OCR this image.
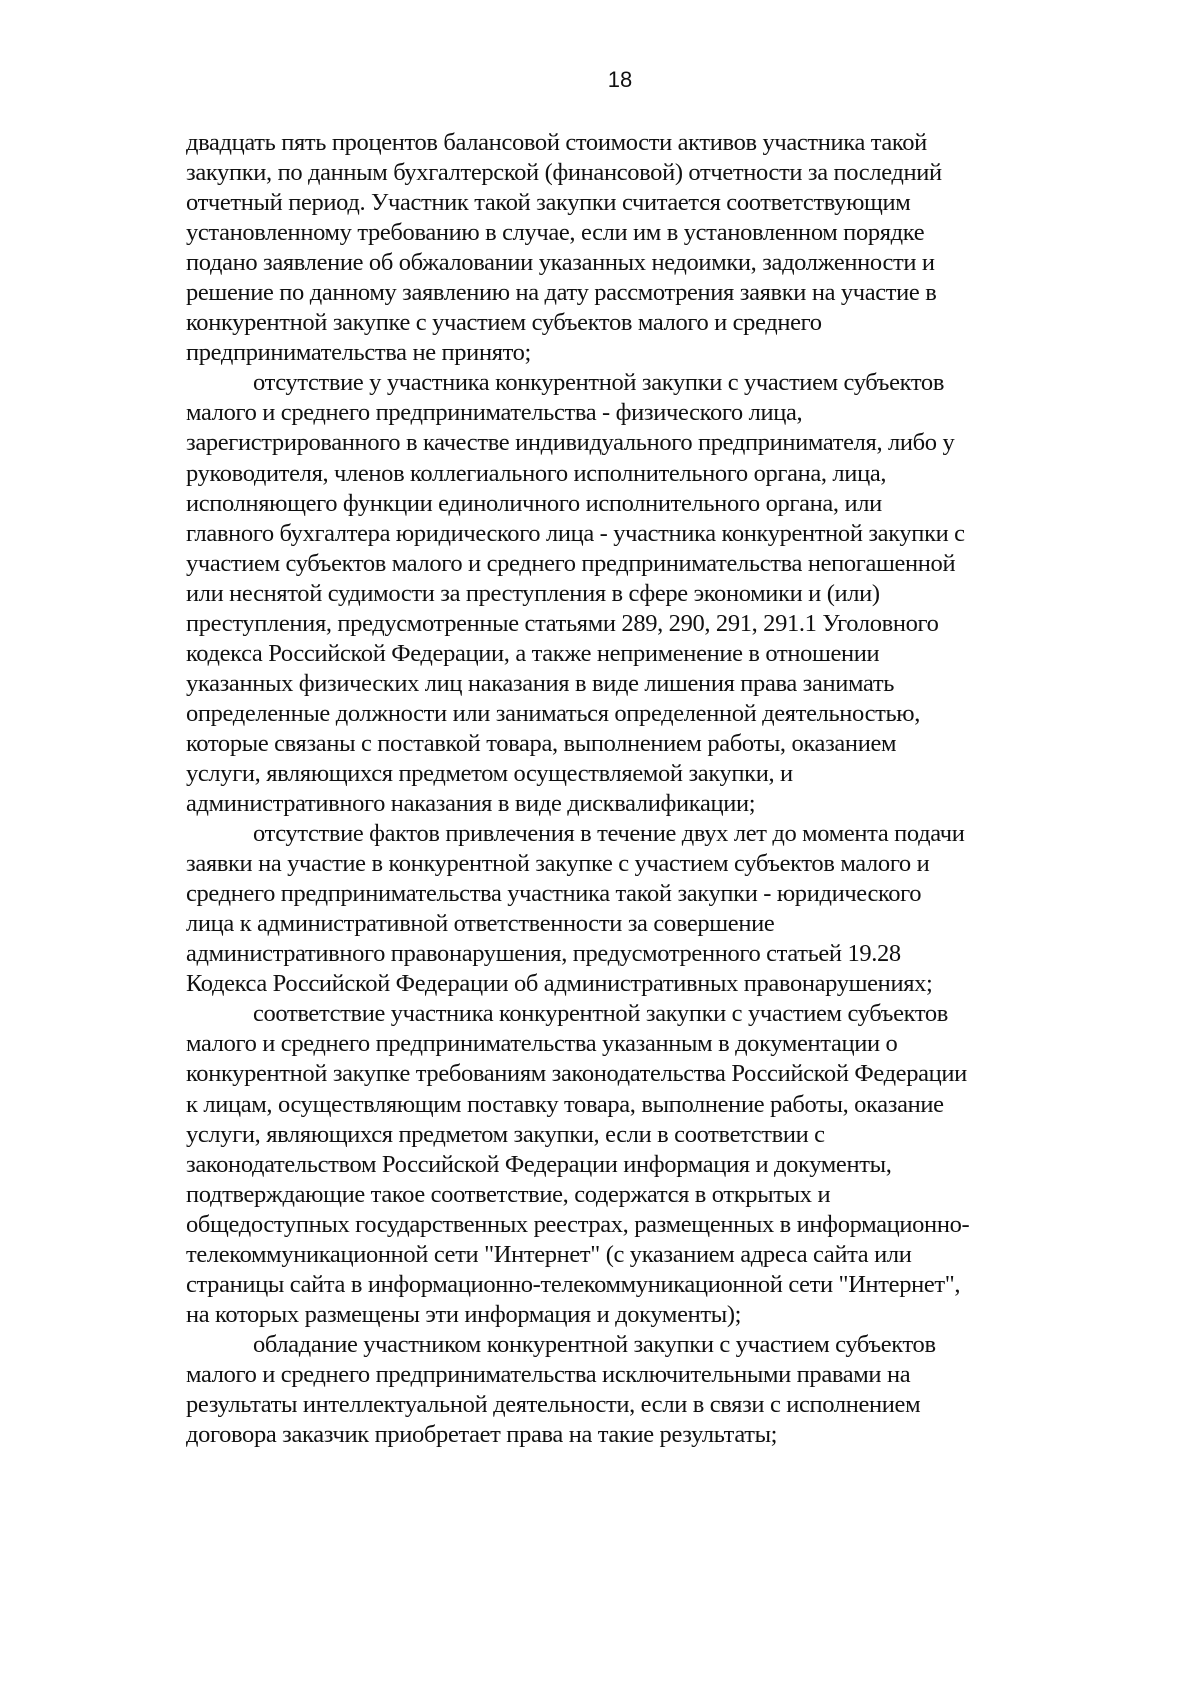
18
двадцать пять процентов балансовой стоимости активов участника такой
закупки, по данным бухгалтерской (финансовой) отчетности за последний
отчетный период. Участник такой закупки считается соответствующим
установленному требованию в случае, если им в установленном порядке
подано заявление об обжаловании указанных недоимки, задолженности и
решение по данному заявлению на дату рассмотрения заявки на участие в
конкурентной закупке с участием субъектов малого и среднего
предпринимательства не принято;
отсутствие у участника конкурентной закупки с участием субъектов
малого и среднего предпринимательства - физического лица,
зарегистрированного в качестве индивидуального предпринимателя, либо у
руководителя, членов коллегиального исполнительного органа, лица,
исполняющего функции единоличного исполнительного органа, или
главного бухгалтера юридического лица - участника конкурентной закупки с
участием субъектов малого и среднего предпринимательства непогашенной
или неснятой судимости за преступления в сфере экономики и (или)
преступления, предусмотренные статьями 289, 290, 291, 291.1 Уголовного
кодекса Российской Федерации, а также неприменение в отношении
указанных физических лиц наказания в виде лишения права занимать
определенные должности или заниматься определенной деятельностью,
которые связаны с поставкой товара, выполнением работы, оказанием
услуги, являющихся предметом осуществляемой закупки, и
административного наказания в виде дисквалификации;
отсутствие фактов привлечения в течение двух лет до момента подачи
заявки на участие в конкурентной закупке с участием субъектов малого и
среднего предпринимательства участника такой закупки - юридического
лица к административной ответственности за совершение
административного правонарушения, предусмотренного статьей 19.28
Кодекса Российской Федерации об административных правонарушениях;
соответствие участника конкурентной закупки с участием субъектов
малого и среднего предпринимательства указанным в документации о
конкурентной закупке требованиям законодательства Российской Федерации
к лицам, осуществляющим поставку товара, выполнение работы, оказание
услуги, являющихся предметом закупки, если в соответствии с
законодательством Российской Федерации информация и документы,
подтверждающие такое соответствие, содержатся в открытых и
общедоступных государственных реестрах, размещенных в информационно-
телекоммуникационной сети "Интернет" (с указанием адреса сайта или
страницы сайта в информационно-телекоммуникационной сети "Интернет",
на которых размещены эти информация и документы);
обладание участником конкурентной закупки с участием субъектов
малого и среднего предпринимательства исключительными правами на
результаты интеллектуальной деятельности, если в связи с исполнением
договора заказчик приобретает права на такие результаты;
